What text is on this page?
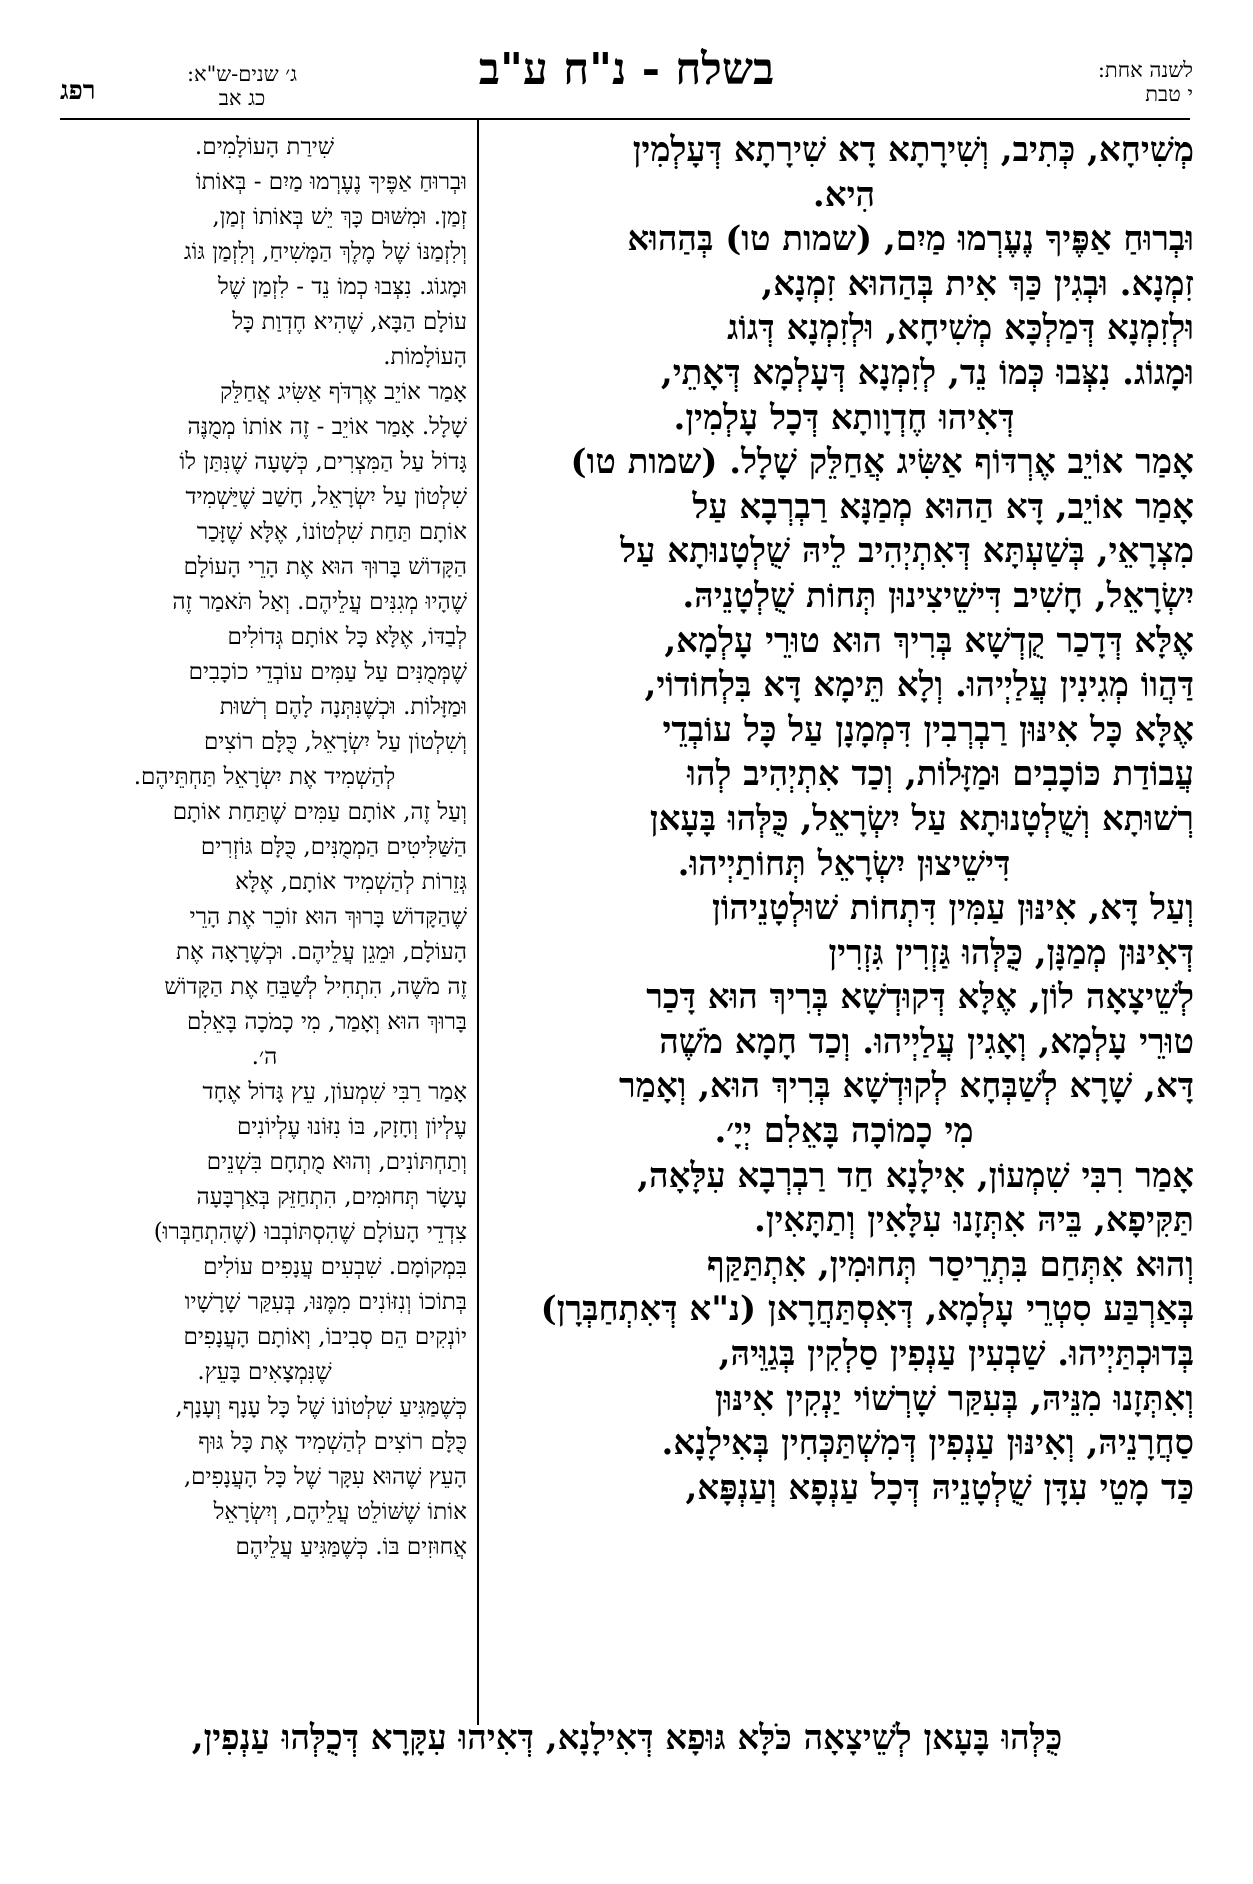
לשנה אחת:
י טבת
בשלח - נ"ח ע"ב
רפג
ג׳ שנים-ש"א:
כג אב

מְשִׁיחָא, כְּתִיב, וְשִׁירָתָא דָא שִׁירָתָא דְּעָלְמִין

הִיא.

וּבְרוּחַ אַפֶּיךָ נֶעֶרְמוּ מַיִם, (שמות טו) בְּהַהוּא

זִמְנָא. וּבְגִין כַּךְ אִית בְּהַהוּא זִמְנָא,

וּלְזִמְנָא דְּמַלְכָּא מְשִׁיחָא, וּלְזִמְנָא דְּגוֹג

וּמָגוֹג. נִצְּבוּ כְּמוֹ נֵד, לְזִמְנָא דְּעָלְמָא דְּאָתֵי,

דְּאִיהוּ חֶדְוָותָא דְּכָל עָלְמִין.

אָמַר אוֹיֵב אֶרְדּוֹף אַשִּׂיג אֲחַלֵּק שָׁלָל. (שמות טו)

אָמַר אוֹיֵב, דָּא הַהוּא מְמַנָּא רַבְרְבָא עַל

מִצְרָאֵי, בְּשַׁעְתָּא דְּאִתְיְהִיב לֵיהּ שֻׁלְטָנוּתָא עַל

יִשְׂרָאֵל, חָשִׁיב דִּישֵׁיצִינוּן תְּחוֹת שֻׁלְטָנֵיהּ.

אֶלָּא דְּדָכַר קֻדְשָׁא בְּרִיךְ הוּא טוּרֵי עָלְמָא,

דַּהֲווֹ מְגִינִין עֲלַיְיהוּ. וְלָא תֵּימָא דָּא בִּלְחוֹדוֹי,

אֶלָּא כָּל אִינּוּן רַבְרְבִין דִּמְמָנָן עַל כָּל עוֹבְדֵי

עֲבוֹדַת כּוֹכָבִים וּמַזָּלוֹת, וְכַד אִתְיְהִיב לְהוּ

רְשׁוּתָא וְשֻׁלְטָנוּתָא עַל יִשְׂרָאֵל, כֻּלְּהוּ בָּעָאן

דִּישֵׁיצוּן יִשְׂרָאֵל תְּחוֹתַיְיהוּ.

וְעַל דָּא, אִינּוּן עַמִּין דִּתְחוֹת שׁוּלְטָנֵיהוֹן

דְּאִינּוּן מְמַנָּן, כֻּלְּהוּ גַּזְרִין גִּזְרִין

לְשֵׁיצָאָה לוֹן, אֶלָּא דְּקוּדְשָׁא בְּרִיךְ הוּא דָּכַר

טוּרֵי עָלְמָא, וְאָגִין עֲלַיְיהוּ. וְכַד חָמָא מֹשֶׁה

דָּא, שָׁרָא לְשַׁבְּחָא לְקוּדְשָׁא בְּרִיךְ הוּא, וְאָמַר

מִי כָמוֹכָה בָּאֵלִם יְיָ׳.

אָמַר רִבִּי שִׁמְעוֹן, אִילָנָא חַד רַבְרְבָא עִלָּאָה,

תַּקִּיפָא, בֵּיהּ אִתְּזָנוּ עִלָּאִין וְתַתָּאִין.

וְהוּא אִתְּחַם בִּתְרֵיסַר תְּחוּמִין, אִתְתַּקַּף

בְּאַרְבַּע סִטְרֵי עָלְמָא, דְּאִסְתַּחֲרָאן (נ"א דְּאִתְחַבְּרָן)

בְּדוּכְתַּיְיהוּ. שַׁבְעִין עַנְפִין סַלְקִין בְּגַוֵּיהּ,

וְאִתְּזָנוּ מִנֵּיהּ, בְּעִקַּר שָׁרְשׁוֹי יַנְקִין אִינּוּן

סַחֲרָנֵיהּ, וְאִינּוּן עַנְפִין דְּמִשְׁתַּכְּחִין בְּאִילָנָא.

כַּד מָטֵי עִדָּן שֻׁלְטָנֵיהּ דְּכָל עַנְפָא וְעַנְפָּא,

שִׁירַת הָעוֹלָמִים.

וּבְרוּחַ אַפֶּיךָ נֶעֶרְמוּ מַיִם - בְּאוֹתוֹ

זְמַן. וּמִשּׁוּם כָּךְ יֵשׁ בְּאוֹתוֹ זְמַן,

וְלִזְמַנּוֹ שֶׁל מֶלֶךְ הַמָּשִׁיחַ, וְלִזְמַן גּוֹג

וּמָגוֹג. נִצְּבוּ כְמוֹ נֵד - לִזְמַן שֶׁל

עוֹלָם הַבָּא, שֶׁהִיא חֶדְוַת כָּל

הָעוֹלָמוֹת.

אָמַר אוֹיֵב אֶרְדֹּף אַשִּׂיג אֲחַלֵּק

שָׁלָל. אָמַר אוֹיֵב - זֶה אוֹתוֹ מְמֻנֶּה

גָּדוֹל עַל הַמִּצְרִים, כְּשָׁעָה שֶׁנִּתַּן לוֹ

שִׁלְטוֹן עַל יִשְׂרָאֵל, חָשַׁב שֶׁיַּשְׁמִיד

אוֹתָם תַּחַת שִׁלְטוֹנוֹ, אֶלָּא שֶׁזָּכַר

הַקָּדוֹשׁ בָּרוּךְ הוּא אֶת הָרֵי הָעוֹלָם

שֶׁהָיוּ מְגִנִּים עֲלֵיהֶם. וְאַל תֹּאמַר זֶה

לְבַדּוֹ, אֶלָּא כָּל אוֹתָם גְּדוֹלִים

שֶׁמְּמֻנִּים עַל עַמִּים עוֹבְדֵי כוֹכָבִים

וּמַזָּלוֹת. וּכְשֶׁנִּתְּנָה לָהֶם רְשׁוּת

וְשִׁלְטוֹן עַל יִשְׂרָאֵל, כֻּלָּם רוֹצִים

לְהַשְׁמִיד אֶת יִשְׂרָאֵל תַּחְתֵּיהֶם.

וְעַל זֶה, אוֹתָם עַמִּים שֶׁתַּחַת אוֹתָם

הַשַּׁלִּיטִים הַמְמֻנִּים, כֻּלָּם גּוֹזְרִים

גְּזֵרוֹת לְהַשְׁמִיד אוֹתָם, אֶלָּא

שֶׁהַקָּדוֹשׁ בָּרוּךְ הוּא זוֹכֵר אֶת הָרֵי

הָעוֹלָם, וּמֵגֵן עֲלֵיהֶם. וּכְשֶׁרָאָה אֶת

זֶה מֹשֶׁה, הִתְחִיל לְשַׁבֵּחַ אֶת הַקָּדוֹשׁ

בָּרוּךְ הוּא וְאָמַר, מִי כָמֹכָה בָּאֵלִם

ה׳.

אָמַר רַבִּי שִׁמְעוֹן, עֵץ גָּדוֹל אֶחָד

עֶלְיוֹן וְחָזָק, בּוֹ נִזּוֹנוּ עֶלְיוֹנִים

וְתַחְתּוֹנִים, וְהוּא מֻתְחָם בִּשְׁנֵים

עָשָׂר תְּחוּמִים, הִתְחַזֵּק בְּאַרְבָּעָה

צִדְדֵי הָעוֹלָם שֶׁהִסְתּוֹבְבוּ (שֶׁהִתְחַבְּרוּ)

בִּמְקוֹמָם. שִׁבְעִים עֲנָפִים עוֹלִים

בְּתוֹכוֹ וְנִזּוֹנִים מִמֶּנּוּ, בְּעִקַּר שָׁרָשָׁיו

יוֹנְקִים הֵם סְבִיבוֹ, וְאוֹתָם הָעֲנָפִים

שֶׁנִּמְצָאִים בָּעֵץ.

כְּשֶׁמַּגִּיעַ שִׁלְטוֹנוֹ שֶׁל כָּל עָנָף וְעָנָף,

כֻּלָּם רוֹצִים לְהַשְׁמִיד אֶת כָּל גּוּף

הָעֵץ שֶׁהוּא עִקָּר שֶׁל כָּל הָעֲנָפִים,

אוֹתוֹ שֶׁשּׁוֹלֵט עֲלֵיהֶם, וְיִשְׂרָאֵל

אֲחוּזִים בּוֹ. כְּשֶׁמַּגִּיעַ עֲלֵיהֶם

כֻּלְּהוּ בָּעָאן לְשֵׁיצָאָה כֹּלָּא גּוּפָא דְּאִילָנָא, דְּאִיהוּ עִקָּרָא דְּכֻלְּהוּ עַנְפִין,
